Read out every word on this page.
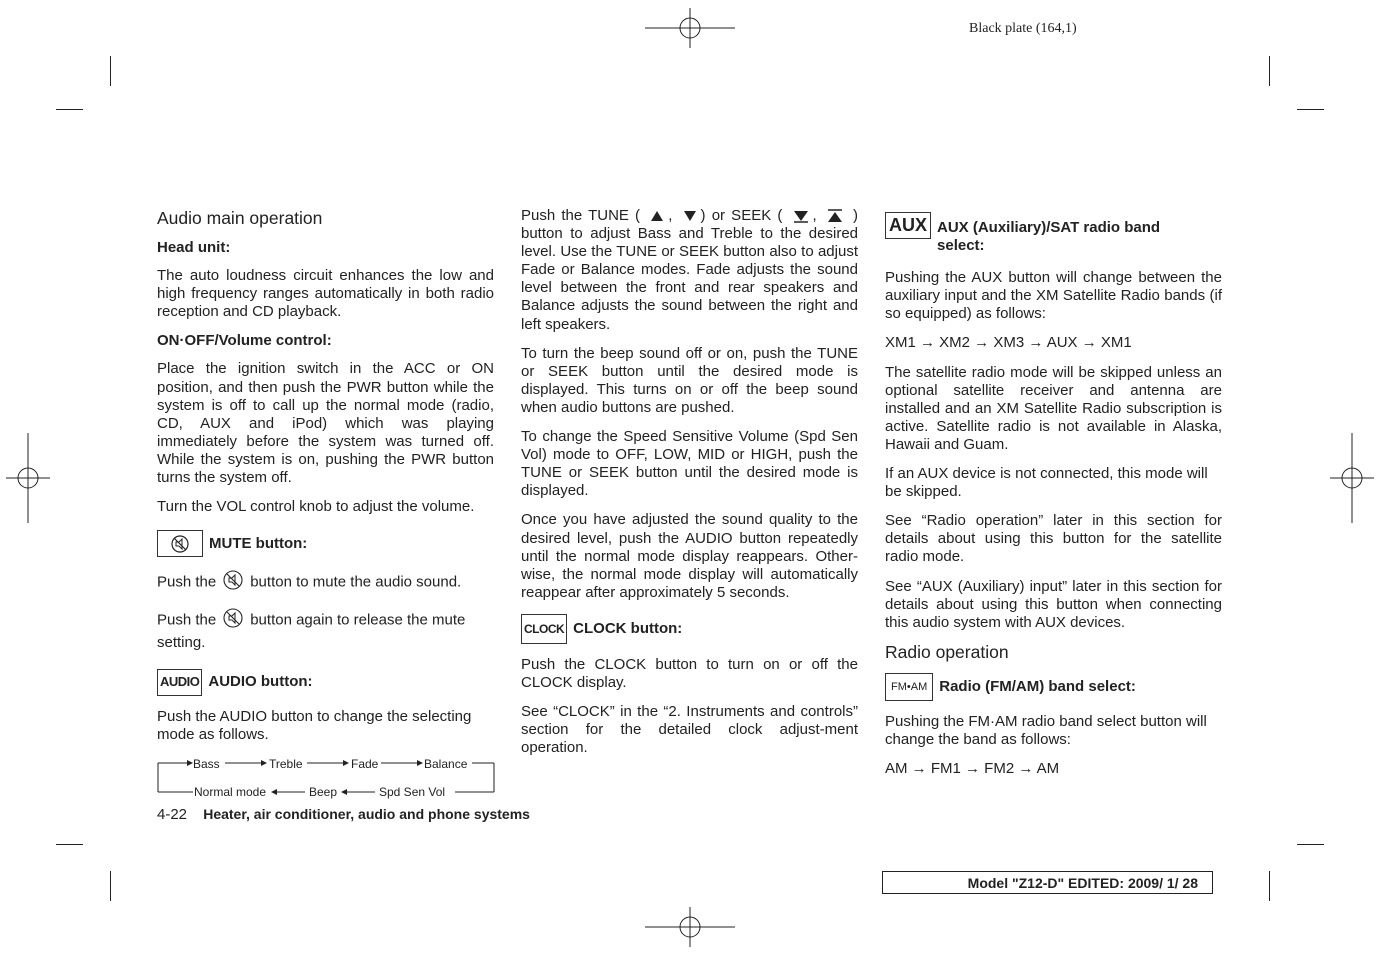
Black plate (164,1)
Audio main operation
Head unit:

The auto loudness circuit enhances the low and high frequency ranges automatically in both radio reception and CD playback.

ON·OFF/Volume control:

Place the ignition switch in the ACC or ON position, and then push the PWR button while the system is off to call up the normal mode (radio, CD, AUX and iPod) which was playing immediately before the system was turned off. While the system is on, pushing the PWR button turns the system off.

Turn the VOL control knob to adjust the volume.

MUTE button:

Push the button to mute the audio sound.

Push the button again to release the mute setting.

AUDIO AUDIO button:

Push the AUDIO button to change the selecting mode as follows.

Bass	Treble	Fade	Balance
Normal mode	Beep	Spd Sen Vol

Push the TUNE ( , ) or SEEK ( , ) button to adjust Bass and Treble to the desired level. Use the TUNE or SEEK button also to adjust Fade or Balance modes. Fade adjusts the sound level between the front and rear speakers and Balance adjusts the sound between the right and left speakers.

To turn the beep sound off or on, push the TUNE or SEEK button until the desired mode is displayed. This turns on or off the beep sound when audio buttons are pushed.

To change the Speed Sensitive Volume (Spd Sen Vol) mode to OFF, LOW, MID or HIGH, push the TUNE or SEEK button until the desired mode is displayed.

Once you have adjusted the sound quality to the desired level, push the AUDIO button repeatedly until the normal mode display reappears. Other-wise, the normal mode display will automatically reappear after approximately 5 seconds.

CLOCK CLOCK button:

Push the CLOCK button to turn on or off the CLOCK display.

See “CLOCK” in the “2. Instruments and controls” section for the detailed clock adjust-ment operation.

AUX AUX (Auxiliary)/SAT radio band select:

Pushing the AUX button will change between the auxiliary input and the XM Satellite Radio bands (if so equipped) as follows:

XM1 → XM2 → XM3 → AUX → XM1

The satellite radio mode will be skipped unless an optional satellite receiver and antenna are installed and an XM Satellite Radio subscription is active. Satellite radio is not available in Alaska, Hawaii and Guam.

If an AUX device is not connected, this mode will be skipped.

See “Radio operation” later in this section for details about using this button for the satellite radio mode.

See “AUX (Auxiliary) input” later in this section for details about using this button when connecting this audio system with AUX devices.

Radio operation
FM•AM Radio (FM/AM) band select:

Pushing the FM·AM radio band select button will change the band as follows:

AM → FM1 → FM2 → AM

4-22 Heater, air conditioner, audio and phone systems
Model "Z12-D" EDITED: 2009/ 1/ 28
